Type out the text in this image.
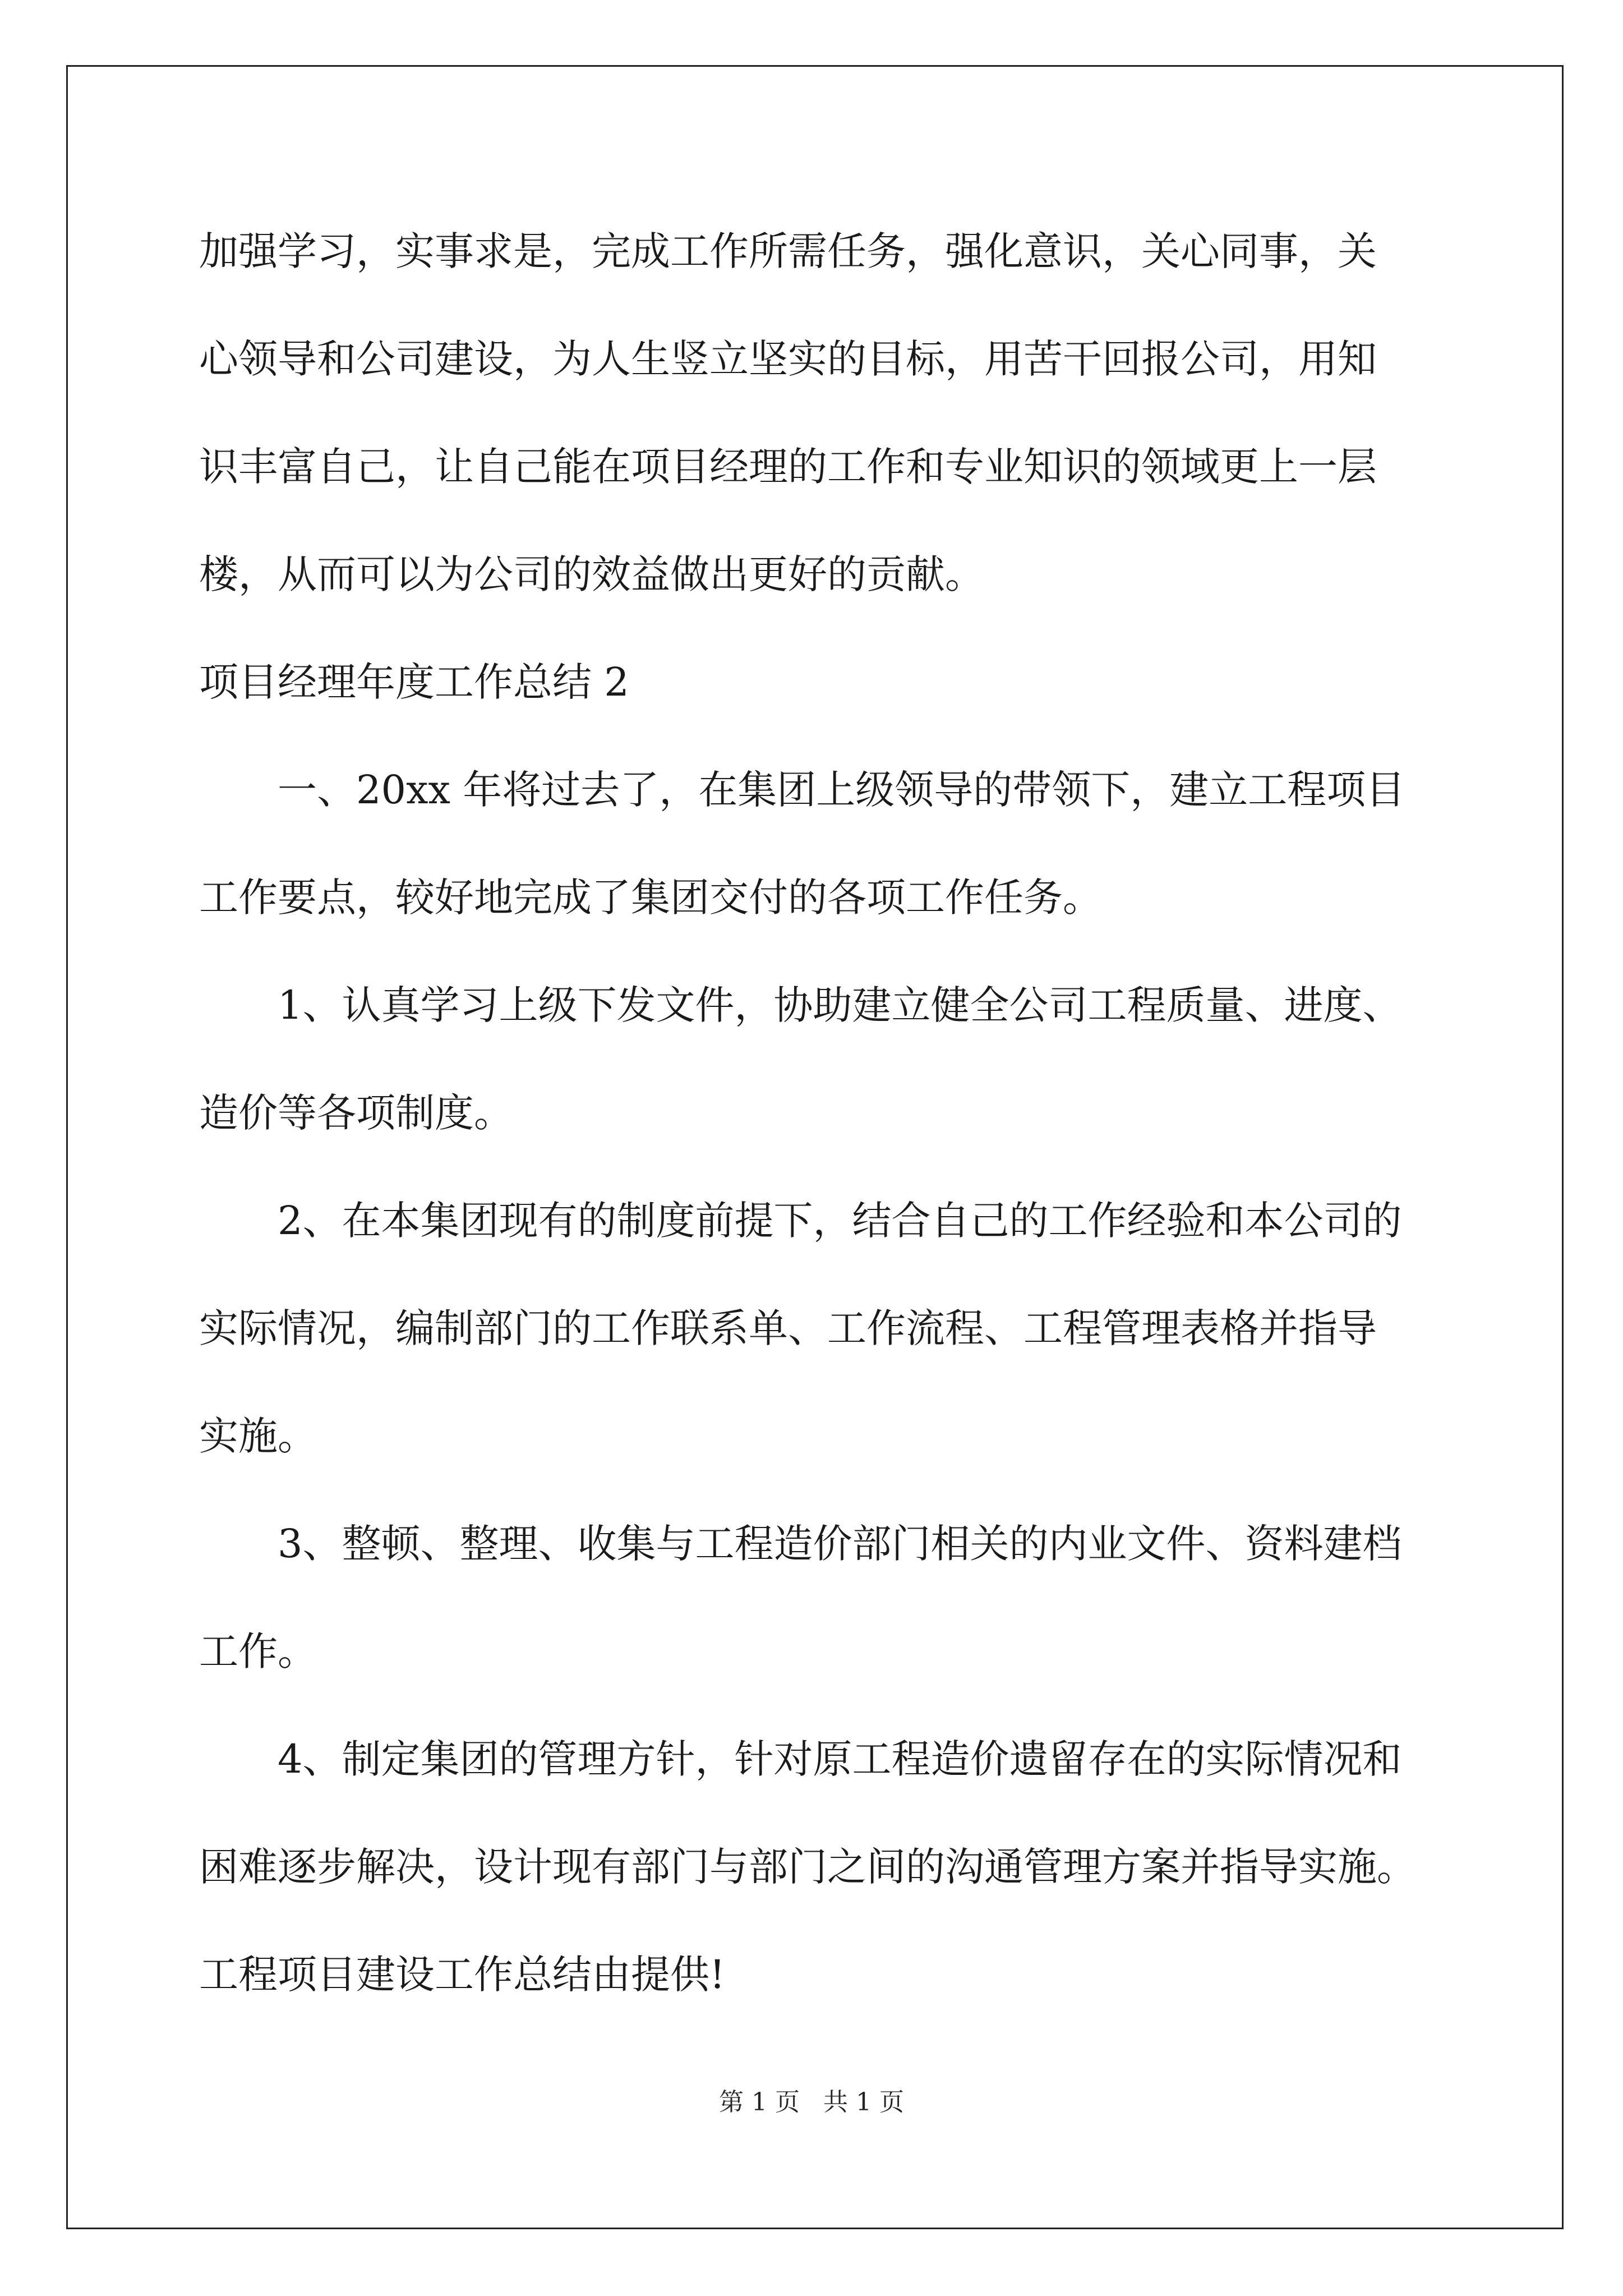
加强学习，实事求是，完成工作所需任务，强化意识，关心同事，关

心领导和公司建设，为人生竖立坚实的目标，用苦干回报公司，用知

识丰富自己，让自己能在项目经理的工作和专业知识的领域更上一层

楼，从而可以为公司的效益做出更好的贡献。

项目经理年度工作总结 2

一、20xx 年将过去了，在集团上级领导的带领下，建立工程项目

工作要点，较好地完成了集团交付的各项工作任务。

1、认真学习上级下发文件，协助建立健全公司工程质量、进度、

造价等各项制度。

2、在本集团现有的制度前提下，结合自己的工作经验和本公司的

实际情况，编制部门的工作联系单、工作流程、工程管理表格并指导

实施。

3、整顿、整理、收集与工程造价部门相关的内业文件、资料建档

工作。

4、制定集团的管理方针，针对原工程造价遗留存在的实际情况和

困难逐步解决，设计现有部门与部门之间的沟通管理方案并指导实施。

工程项目建设工作总结由提供!

第 1 页 共 1 页
